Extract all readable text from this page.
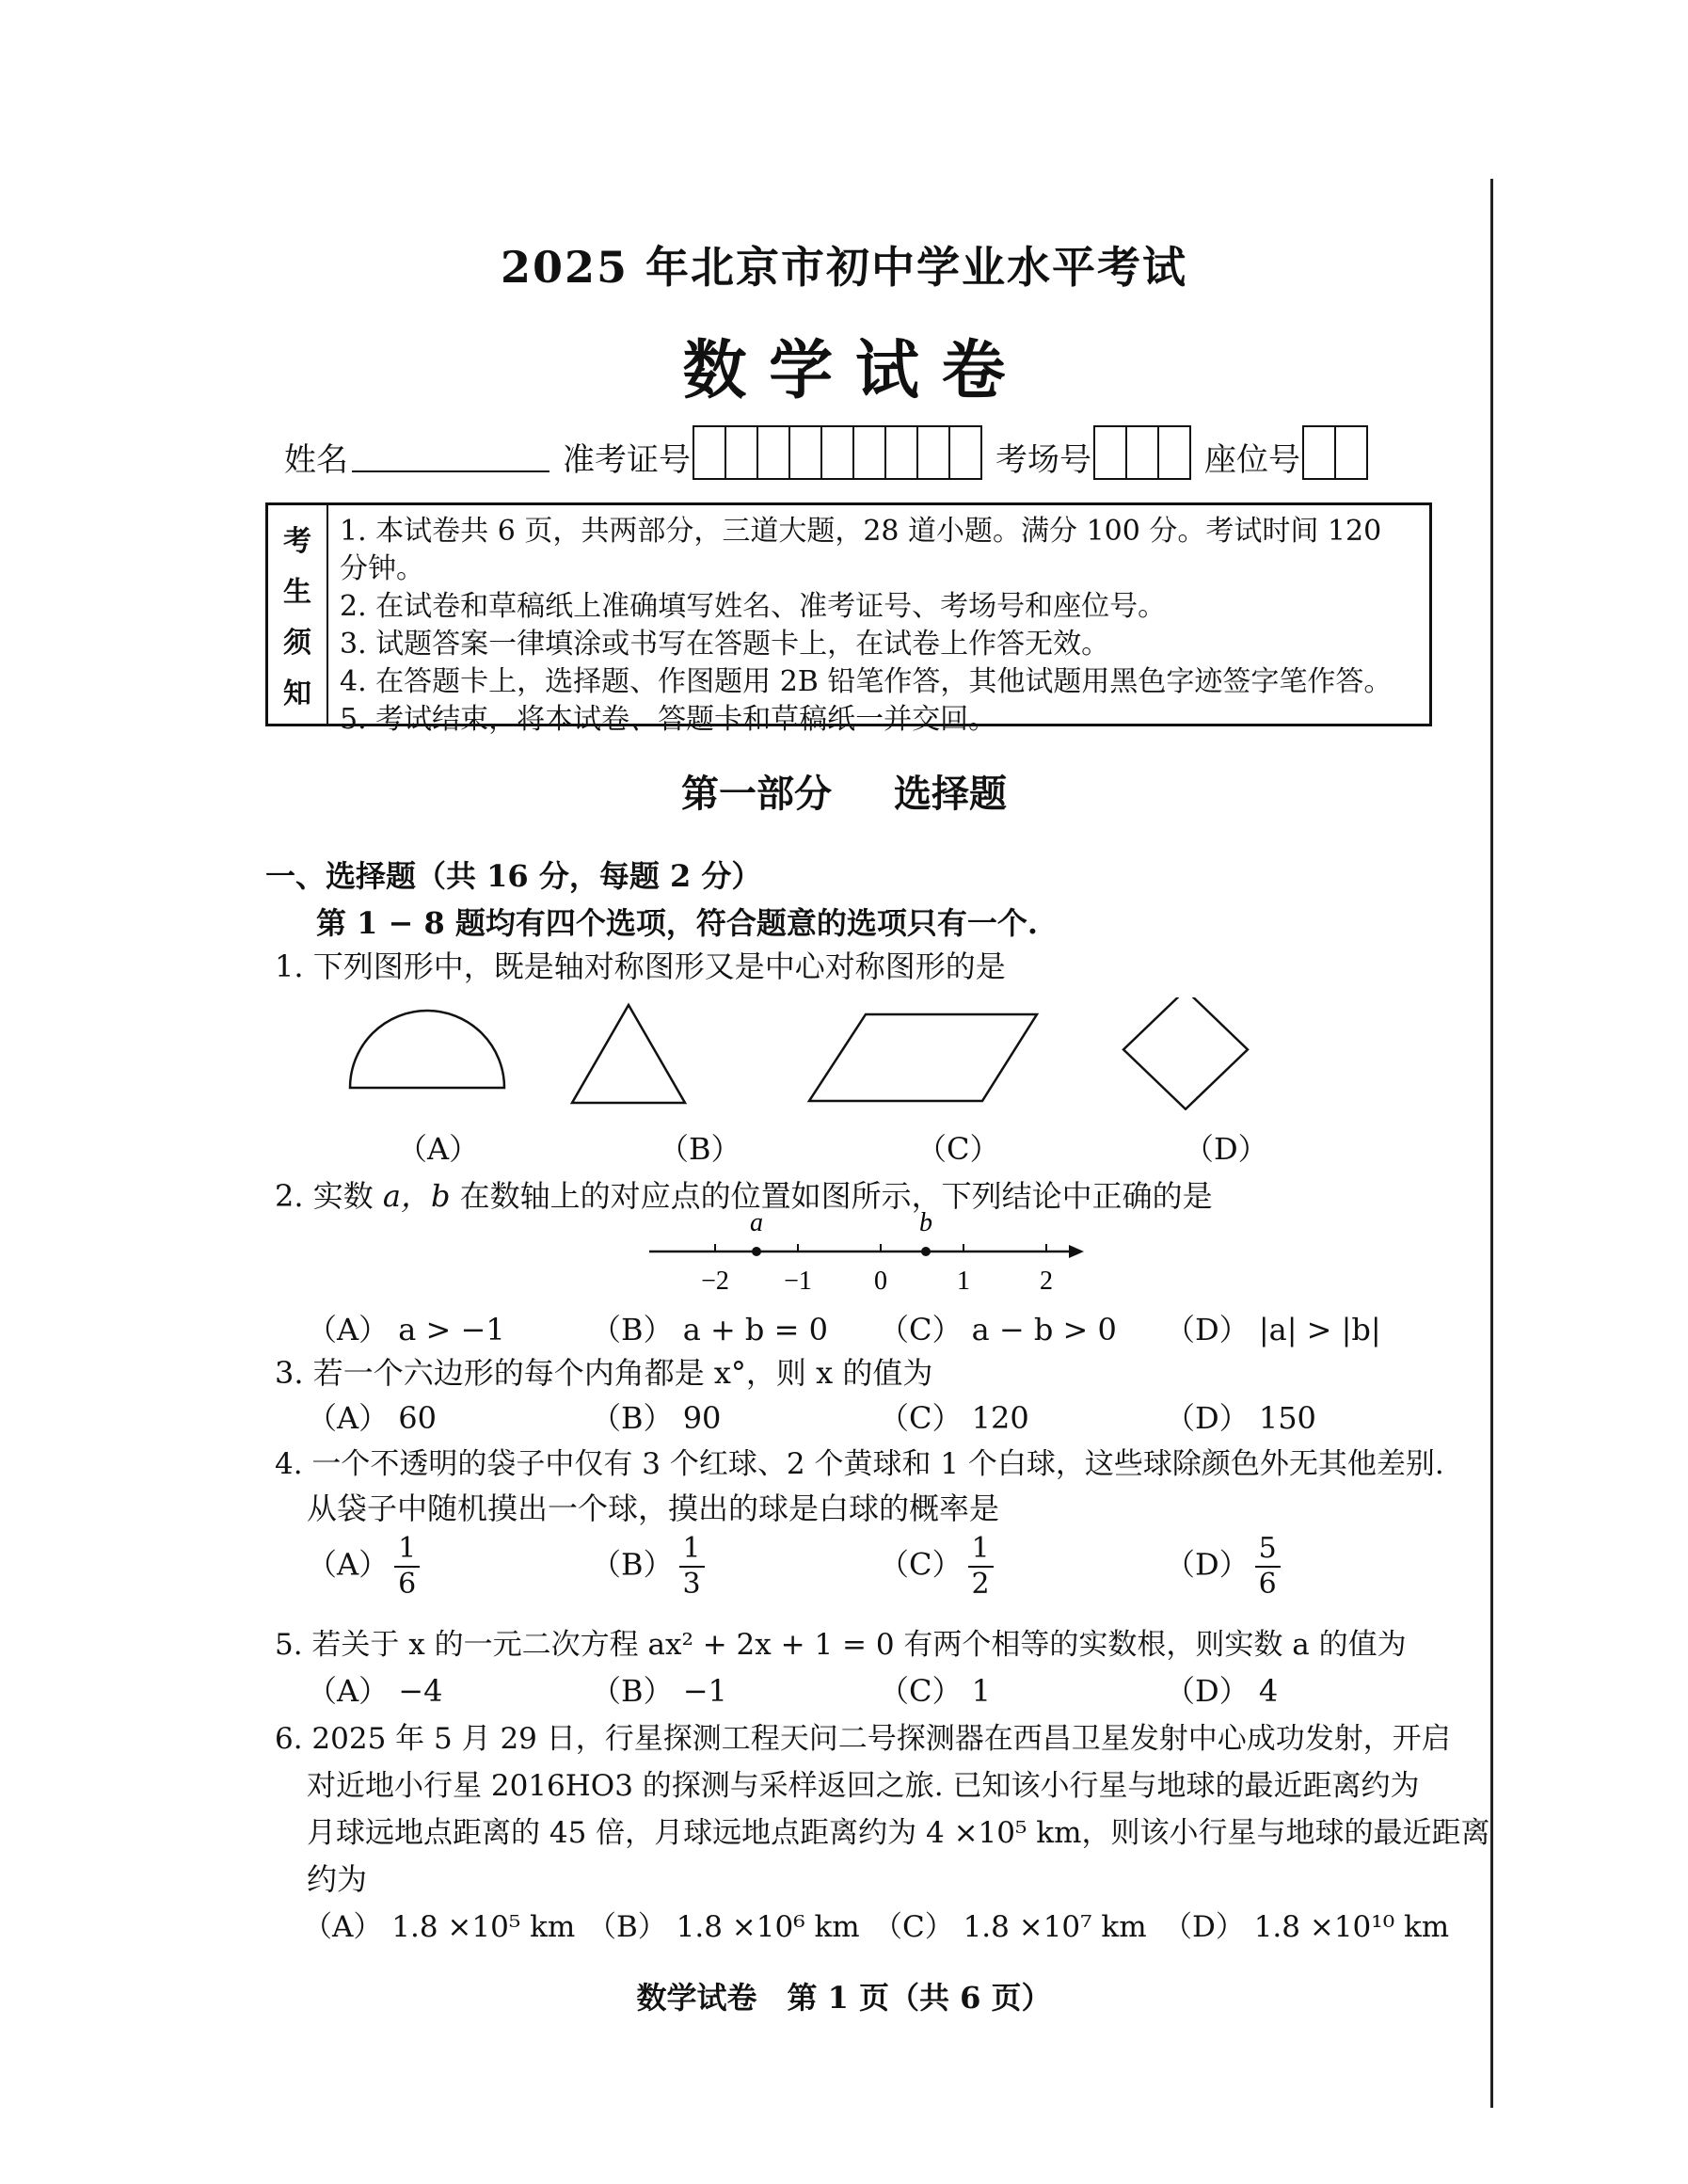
2025 年北京市初中学业水平考试
数 学 试 卷
姓名	准考证号	考场号	座位号
考
生
须
知
1. 本试卷共 6 页，共两部分，三道大题，28 道小题。满分 100 分。考试时间 120 分钟。
2. 在试卷和草稿纸上准确填写姓名、准考证号、考场号和座位号。
3. 试题答案一律填涂或书写在答题卡上，在试卷上作答无效。
4. 在答题卡上，选择题、作图题用 2B 铅笔作答，其他试题用黑色字迹签字笔作答。
5. 考试结束，将本试卷、答题卡和草稿纸一并交回。
第一部分 选择题
一、选择题（共 16 分，每题 2 分）
第 1 − 8 题均有四个选项，符合题意的选项只有一个.
1. 下列图形中，既是轴对称图形又是中心对称图形的是
（A）	（B）	（C）	（D）
2. 实数 a，b 在数轴上的对应点的位置如图所示，下列结论中正确的是
a	b
−2 −1 0	1	2
（A） a > −1	（B） a + b = 0 （C） a − b > 0 （D） |a| > |b|
3. 若一个六边形的每个内角都是 x°，则 x 的值为
（A） 60	（B） 90	（C） 120	（D） 150
4. 一个不透明的袋子中仅有 3 个红球、2 个黄球和 1 个白球，这些球除颜色外无其他差别.
从袋子中随机摸出一个球，摸出的球是白球的概率是
$(A) \frac{1}{6}$	$(B) \frac{1}{3}$	$(C) \frac{1}{2}$	$(D) \frac{5}{6}$
5. 若关于 x 的一元二次方程 ax² + 2x + 1 = 0 有两个相等的实数根，则实数 a 的值为
（A） −4	（B） −1	（C） 1	（D） 4
6. 2025 年 5 月 29 日，行星探测工程天问二号探测器在西昌卫星发射中心成功发射，开启
对近地小行星 2016HO3 的探测与采样返回之旅. 已知该小行星与地球的最近距离约为
月球远地点距离的 45 倍，月球远地点距离约为 4 ×10⁵ km，则该小行星与地球的最近距离
约为
（A） 1.8 ×10⁵ km （B） 1.8 ×10⁶ km （C） 1.8 ×10⁷ km （D） 1.8 ×10¹⁰ km
数学试卷　第 1 页（共 6 页）
